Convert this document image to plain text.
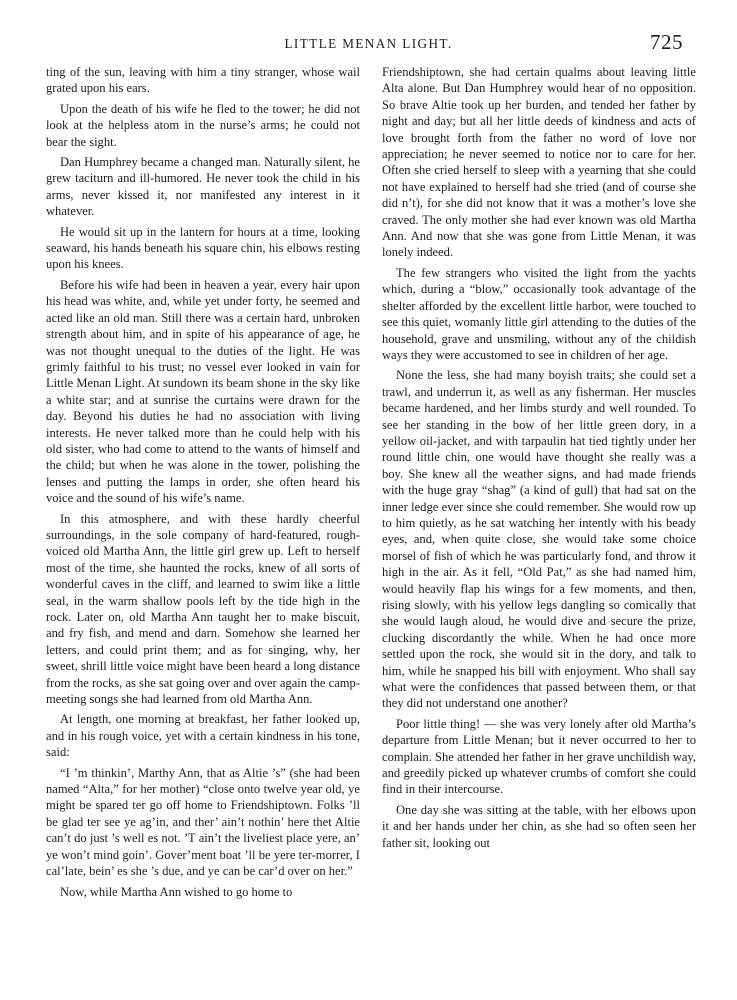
LITTLE MENAN LIGHT.	725

ting of the sun, leaving with him a tiny stranger, whose wail grated upon his ears.

Upon the death of his wife he fled to the tower; he did not look at the helpless atom in the nurse’s arms; he could not bear the sight.

Dan Humphrey became a changed man. Naturally silent, he grew taciturn and ill-humored. He never took the child in his arms, never kissed it, nor manifested any interest in it whatever.

He would sit up in the lantern for hours at a time, looking seaward, his hands beneath his square chin, his elbows resting upon his knees.

Before his wife had been in heaven a year, every hair upon his head was white, and, while yet under forty, he seemed and acted like an old man. Still there was a certain hard, unbroken strength about him, and in spite of his appearance of age, he was not thought unequal to the duties of the light. He was grimly faithful to his trust; no vessel ever looked in vain for Little Menan Light. At sundown its beam shone in the sky like a white star; and at sunrise the curtains were drawn for the day. Beyond his duties he had no association with living interests. He never talked more than he could help with his old sister, who had come to attend to the wants of himself and the child; but when he was alone in the tower, polishing the lenses and putting the lamps in order, she often heard his voice and the sound of his wife’s name.

In this atmosphere, and with these hardly cheerful surroundings, in the sole company of hard-featured, rough-voiced old Martha Ann, the little girl grew up. Left to herself most of the time, she haunted the rocks, knew of all sorts of wonderful caves in the cliff, and learned to swim like a little seal, in the warm shallow pools left by the tide high in the rock. Later on, old Martha Ann taught her to make biscuit, and fry fish, and mend and darn. Somehow she learned her letters, and could print them; and as for singing, why, her sweet, shrill little voice might have been heard a long distance from the rocks, as she sat going over and over again the camp-meeting songs she had learned from old Martha Ann.

At length, one morning at breakfast, her father looked up, and in his rough voice, yet with a certain kindness in his tone, said:

“I ’m thinkin’, Marthy Ann, that as Altie ’s” (she had been named “Alta,” for her mother) “close onto twelve year old, ye might be spared ter go off home to Friendshiptown. Folks ’ll be glad ter see ye ag’in, and ther’ ain’t nothin’ here thet Altie can’t do just ’s well es not. ’T ain’t the liveliest place yere, an’ ye won’t mind goin’. Gover’ment boat ’ll be yere ter-morrer, I cal’late, bein’ es she ’s due, and ye can be car’d over on her.”

Now, while Martha Ann wished to go home to

Friendshiptown, she had certain qualms about leaving little Alta alone. But Dan Humphrey would hear of no opposition. So brave Altie took up her burden, and tended her father by night and day; but all her little deeds of kindness and acts of love brought forth from the father no word of love nor appreciation; he never seemed to notice nor to care for her. Often she cried herself to sleep with a yearning that she could not have explained to herself had she tried (and of course she did n’t), for she did not know that it was a mother’s love she craved. The only mother she had ever known was old Martha Ann. And now that she was gone from Little Menan, it was lonely indeed.

The few strangers who visited the light from the yachts which, during a “blow,” occasionally took advantage of the shelter afforded by the excellent little harbor, were touched to see this quiet, womanly little girl attending to the duties of the household, grave and unsmiling, without any of the childish ways they were accustomed to see in children of her age.

None the less, she had many boyish traits; she could set a trawl, and underrun it, as well as any fisherman. Her muscles became hardened, and her limbs sturdy and well rounded. To see her standing in the bow of her little green dory, in a yellow oil-jacket, and with tarpaulin hat tied tightly under her round little chin, one would have thought she really was a boy. She knew all the weather signs, and had made friends with the huge gray “shag” (a kind of gull) that had sat on the inner ledge ever since she could remember. She would row up to him quietly, as he sat watching her intently with his beady eyes, and, when quite close, she would take some choice morsel of fish of which he was particularly fond, and throw it high in the air. As it fell, “Old Pat,” as she had named him, would heavily flap his wings for a few moments, and then, rising slowly, with his yellow legs dangling so comically that she would laugh aloud, he would dive and secure the prize, clucking discordantly the while. When he had once more settled upon the rock, she would sit in the dory, and talk to him, while he snapped his bill with enjoyment. Who shall say what were the confidences that passed between them, or that they did not understand one another?

Poor little thing! — she was very lonely after old Martha’s departure from Little Menan; but it never occurred to her to complain. She attended her father in her grave unchildish way, and greedily picked up whatever crumbs of comfort she could find in their intercourse.

One day she was sitting at the table, with her elbows upon it and her hands under her chin, as she had so often seen her father sit, looking out
